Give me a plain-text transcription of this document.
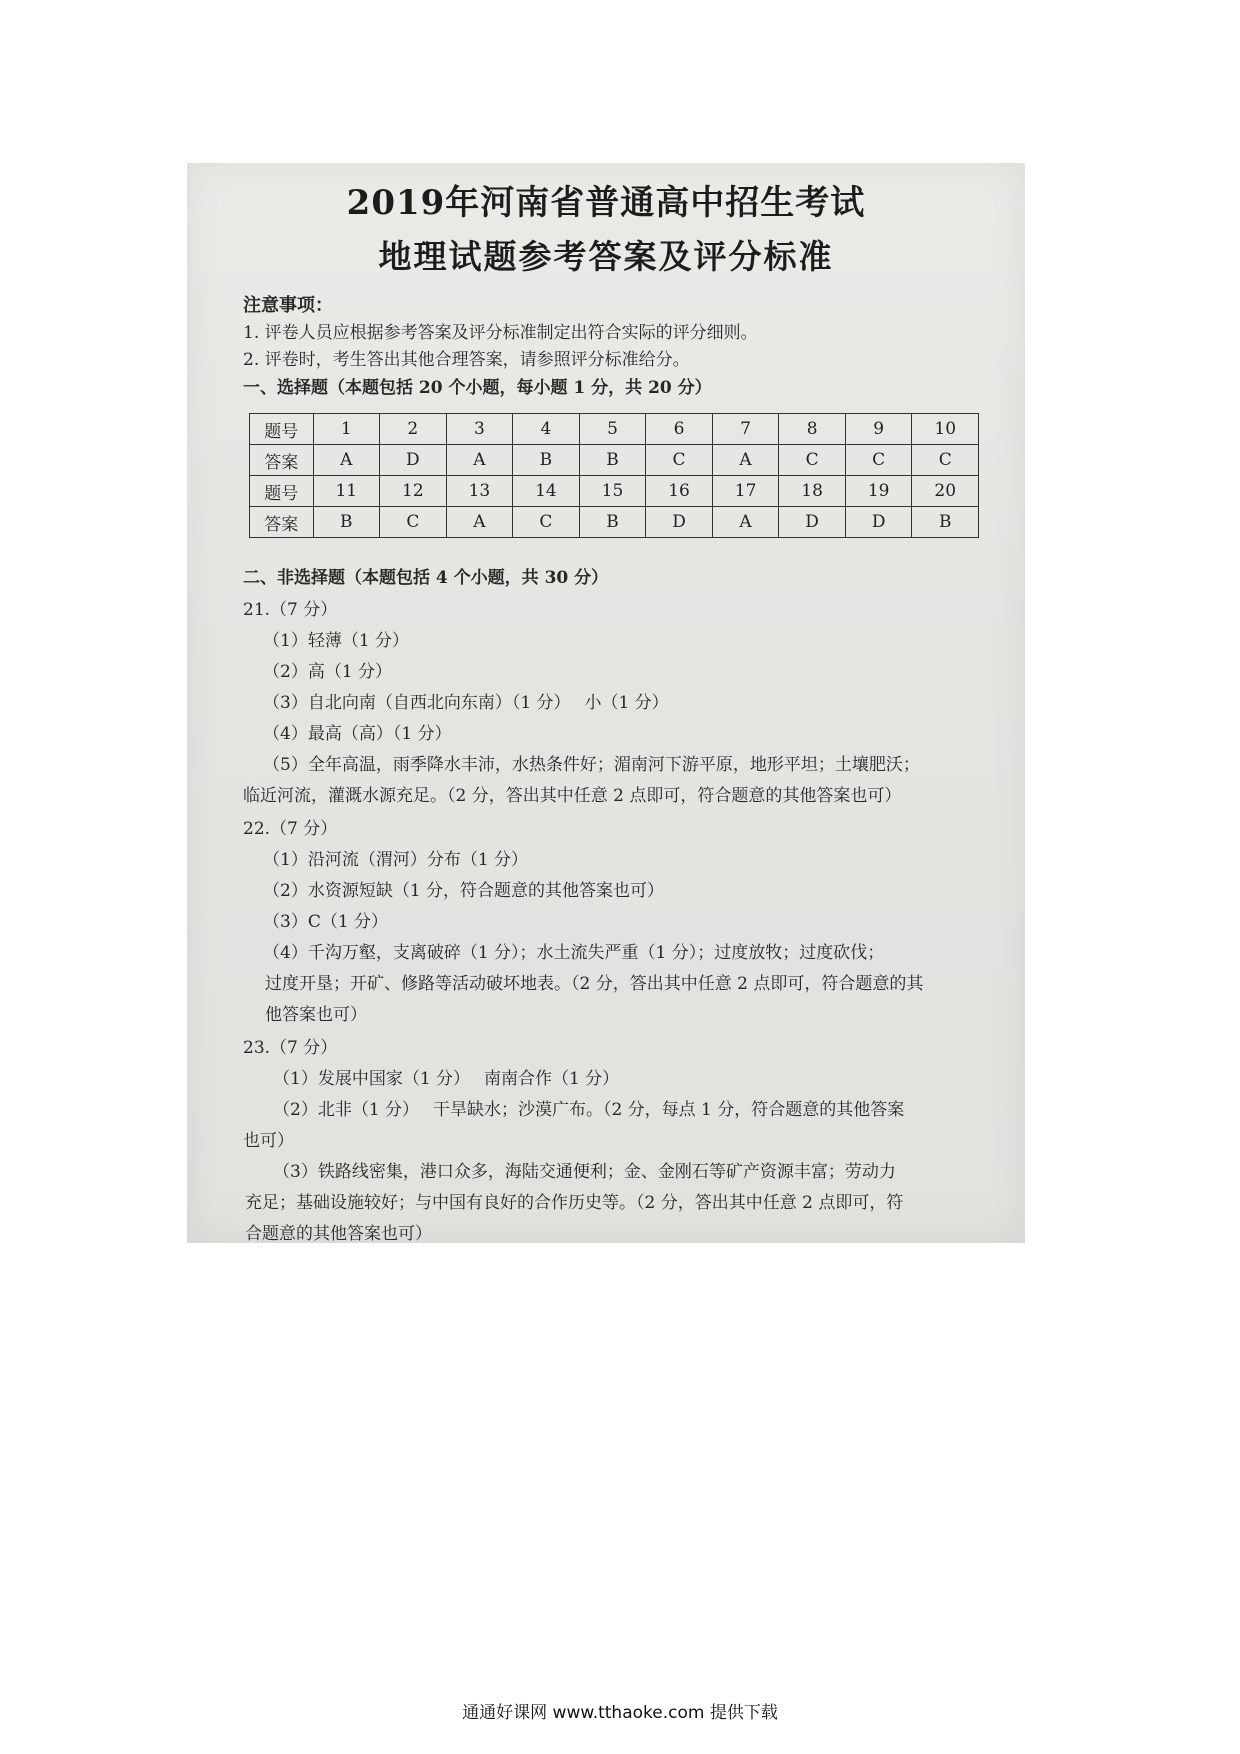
2019年河南省普通高中招生考试
地理试题参考答案及评分标准
注意事项：
1. 评卷人员应根据参考答案及评分标准制定出符合实际的评分细则。
2. 评卷时，考生答出其他合理答案，请参照评分标准给分。
一、选择题（本题包括 20 个小题，每小题 1 分，共 20 分）
题号	1	2	3	4	5	6	7	8	9	10
答案	A	D	A	B	B	C	A	C	C	C
题号	11	12	13	14	15	16	17	18	19	20
答案	B	C	A	C	B	D	A	D	D	B
二、非选择题（本题包括 4 个小题，共 30 分）
21.（7 分）
（1）轻薄（1 分）
（2）高（1 分）
（3）自北向南（自西北向东南）（1 分）　 小（1 分）
（4）最高（高）（1 分）
（5）全年高温，雨季降水丰沛，水热条件好；湄南河下游平原，地形平坦；土壤肥沃；
临近河流，灌溉水源充足。（2 分，答出其中任意 2 点即可，符合题意的其他答案也可）
22.（7 分）
（1）沿河流（渭河）分布（1 分）
（2）水资源短缺（1 分，符合题意的其他答案也可）
（3）C（1 分）
（4）千沟万壑，支离破碎（1 分）；水土流失严重（1 分）；过度放牧；过度砍伐；
过度开垦；开矿、修路等活动破坏地表。（2 分，答出其中任意 2 点即可，符合题意的其
他答案也可）
23.（7 分）
（1）发展中国家（1 分）　 南南合作（1 分）
（2）北非（1 分）　 干旱缺水；沙漠广布。（2 分，每点 1 分，符合题意的其他答案
也可）
（3）铁路线密集，港口众多，海陆交通便利；金、金刚石等矿产资源丰富；劳动力
充足；基础设施较好；与中国有良好的合作历史等。（2 分，答出其中任意 2 点即可，符
合题意的其他答案也可）
通通好课网 www.tthaoke.com 提供下载
